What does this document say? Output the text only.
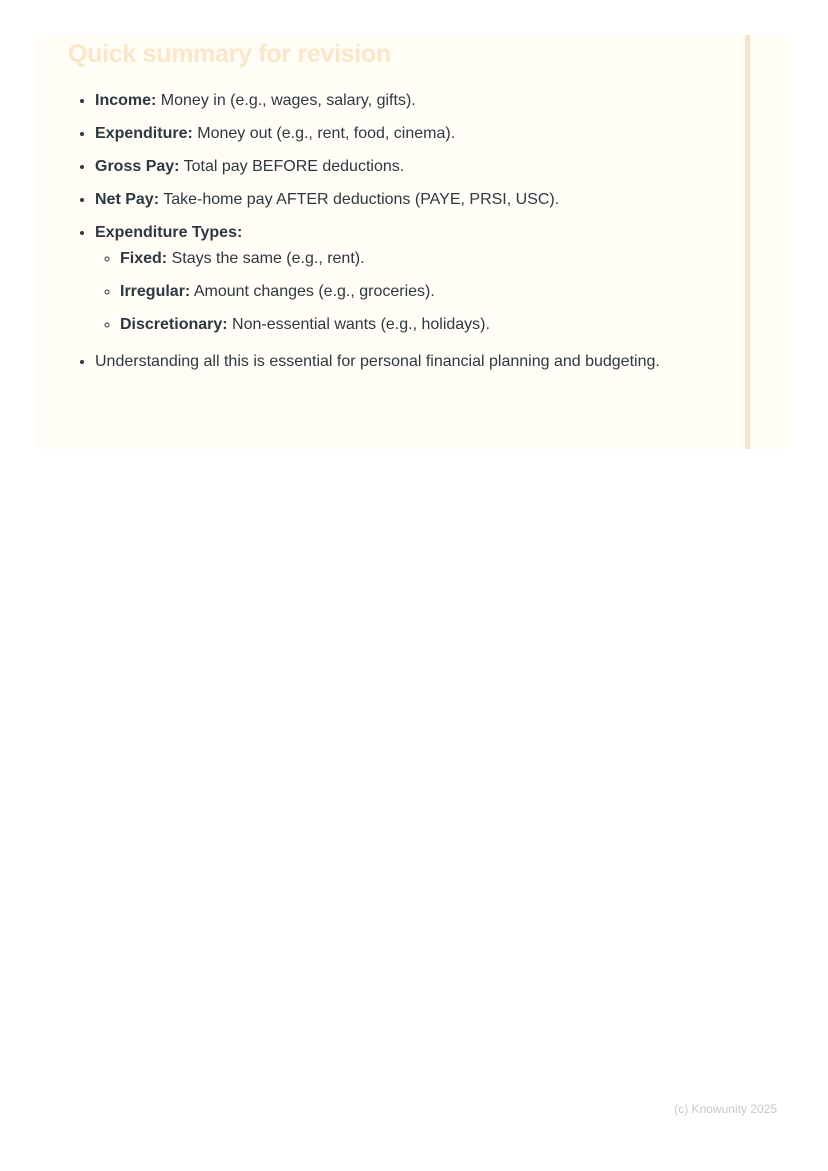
Quick summary for revision
• Income: Money in (e.g., wages, salary, gifts).
• Expenditure: Money out (e.g., rent, food, cinema).
• Gross Pay: Total pay BEFORE deductions.
• Net Pay: Take-home pay AFTER deductions (PAYE, PRSI, USC).
• Expenditure Types:
◦ Fixed: Stays the same (e.g., rent).
◦ Irregular: Amount changes (e.g., groceries).
◦ Discretionary: Non-essential wants (e.g., holidays).
• Understanding all this is essential for personal financial planning and budgeting.
(c) Knowunity 2025
